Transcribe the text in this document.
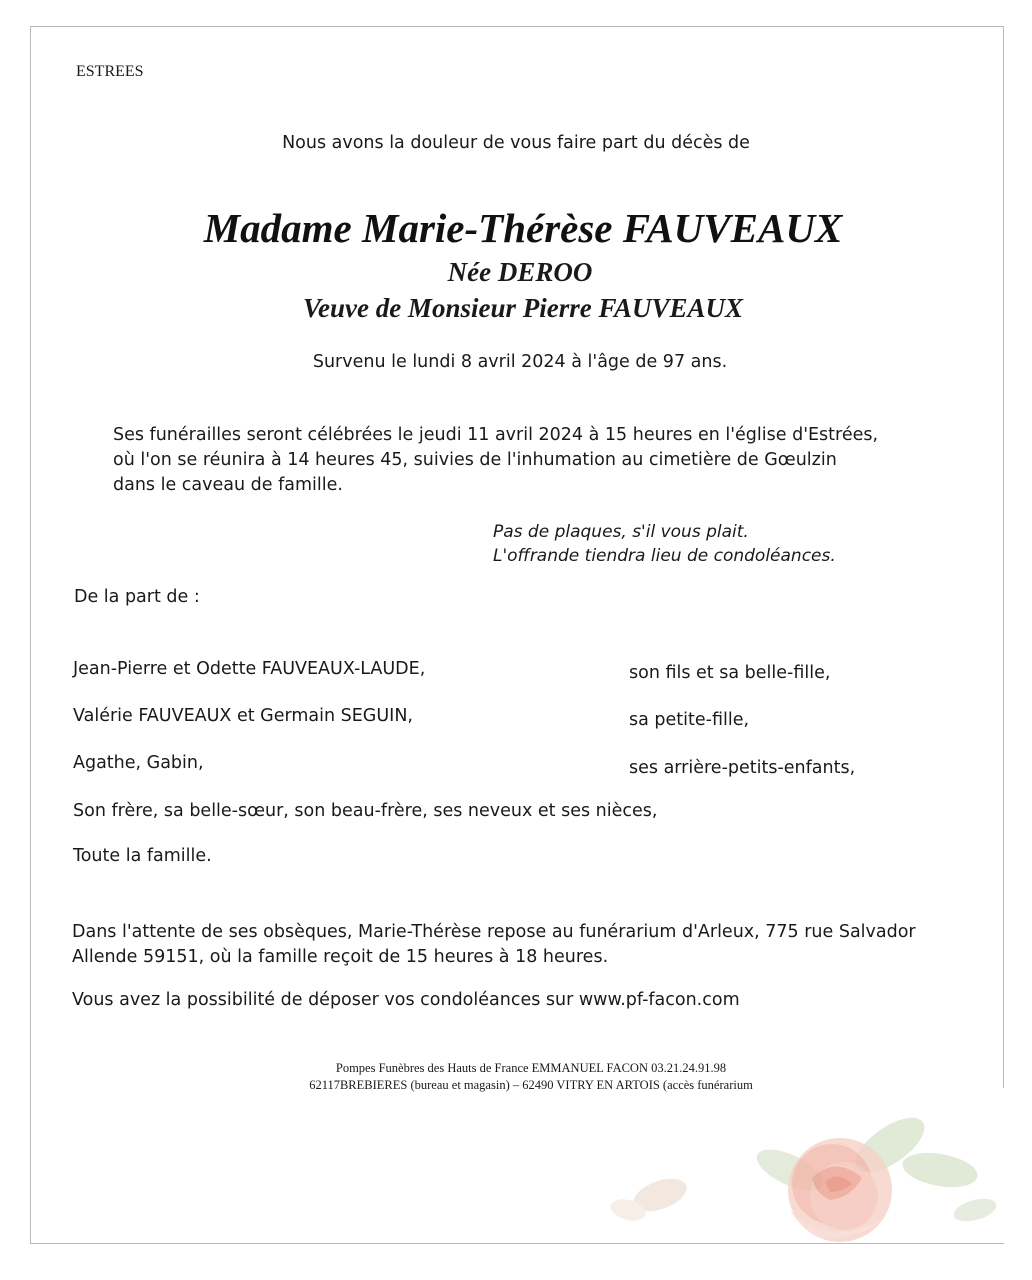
ESTREES
Nous avons la douleur de vous faire part du décès de
Madame Marie-Thérèse FAUVEAUX
Née DEROO
Veuve de Monsieur Pierre FAUVEAUX
Survenu le lundi 8 avril 2024 à l'âge de 97 ans.
Ses funérailles seront célébrées le jeudi 11 avril 2024 à 15 heures en l'église d'Estrées,
où l'on se réunira à 14 heures 45, suivies de l'inhumation au cimetière de Gœulzin
dans le caveau de famille.
Pas de plaques, s'il vous plait.
L'offrande tiendra lieu de condoléances.
De la part de :
Jean-Pierre et Odette FAUVEAUX-LAUDE,	son fils et sa belle-fille,
Valérie FAUVEAUX et Germain SEGUIN,	sa petite-fille,
Agathe, Gabin,	ses arrière-petits-enfants,
Son frère, sa belle-sœur, son beau-frère, ses neveux et ses nièces,
Toute la famille.
Dans l'attente de ses obsèques, Marie-Thérèse repose au funérarium d'Arleux, 775 rue Salvador
Allende 59151, où la famille reçoit de 15 heures à 18 heures.
Vous avez la possibilité de déposer vos condoléances sur www.pf-facon.com
Pompes Funèbres des Hauts de France EMMANUEL FACON 03.21.24.91.98
62117BREBIERES (bureau et magasin) – 62490 VITRY EN ARTOIS (accès funérarium
